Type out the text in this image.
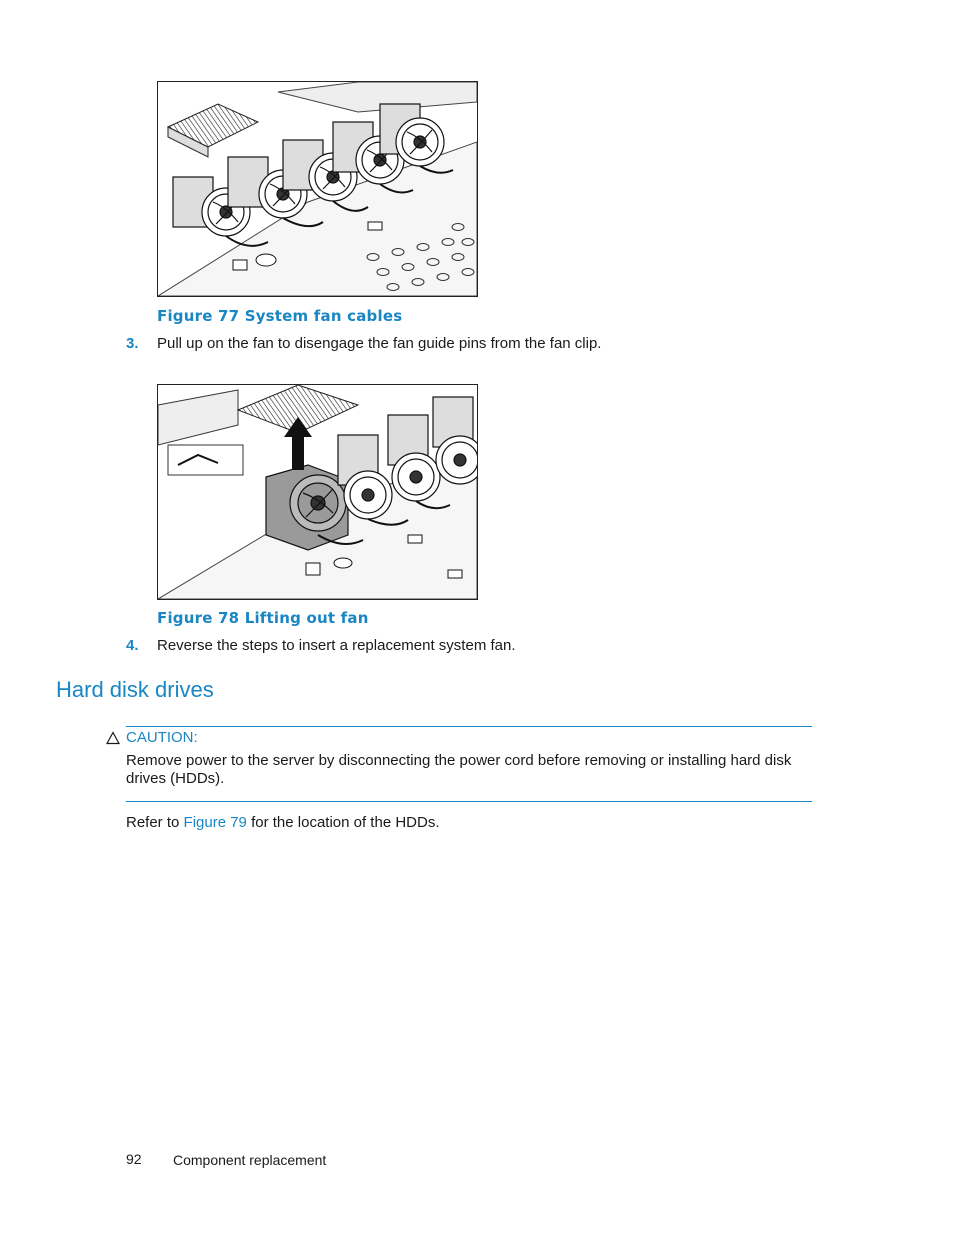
Figure 77 System fan cables
3. Pull up on the fan to disengage the fan guide pins from the fan clip.
Figure 78 Lifting out fan
4. Reverse the steps to insert a replacement system fan.
Hard disk drives
CAUTION:
Remove power to the server by disconnecting the power cord before removing or installing hard disk drives (HDDs).
Refer to Figure 79 for the location of the HDDs.
92 Component replacement
